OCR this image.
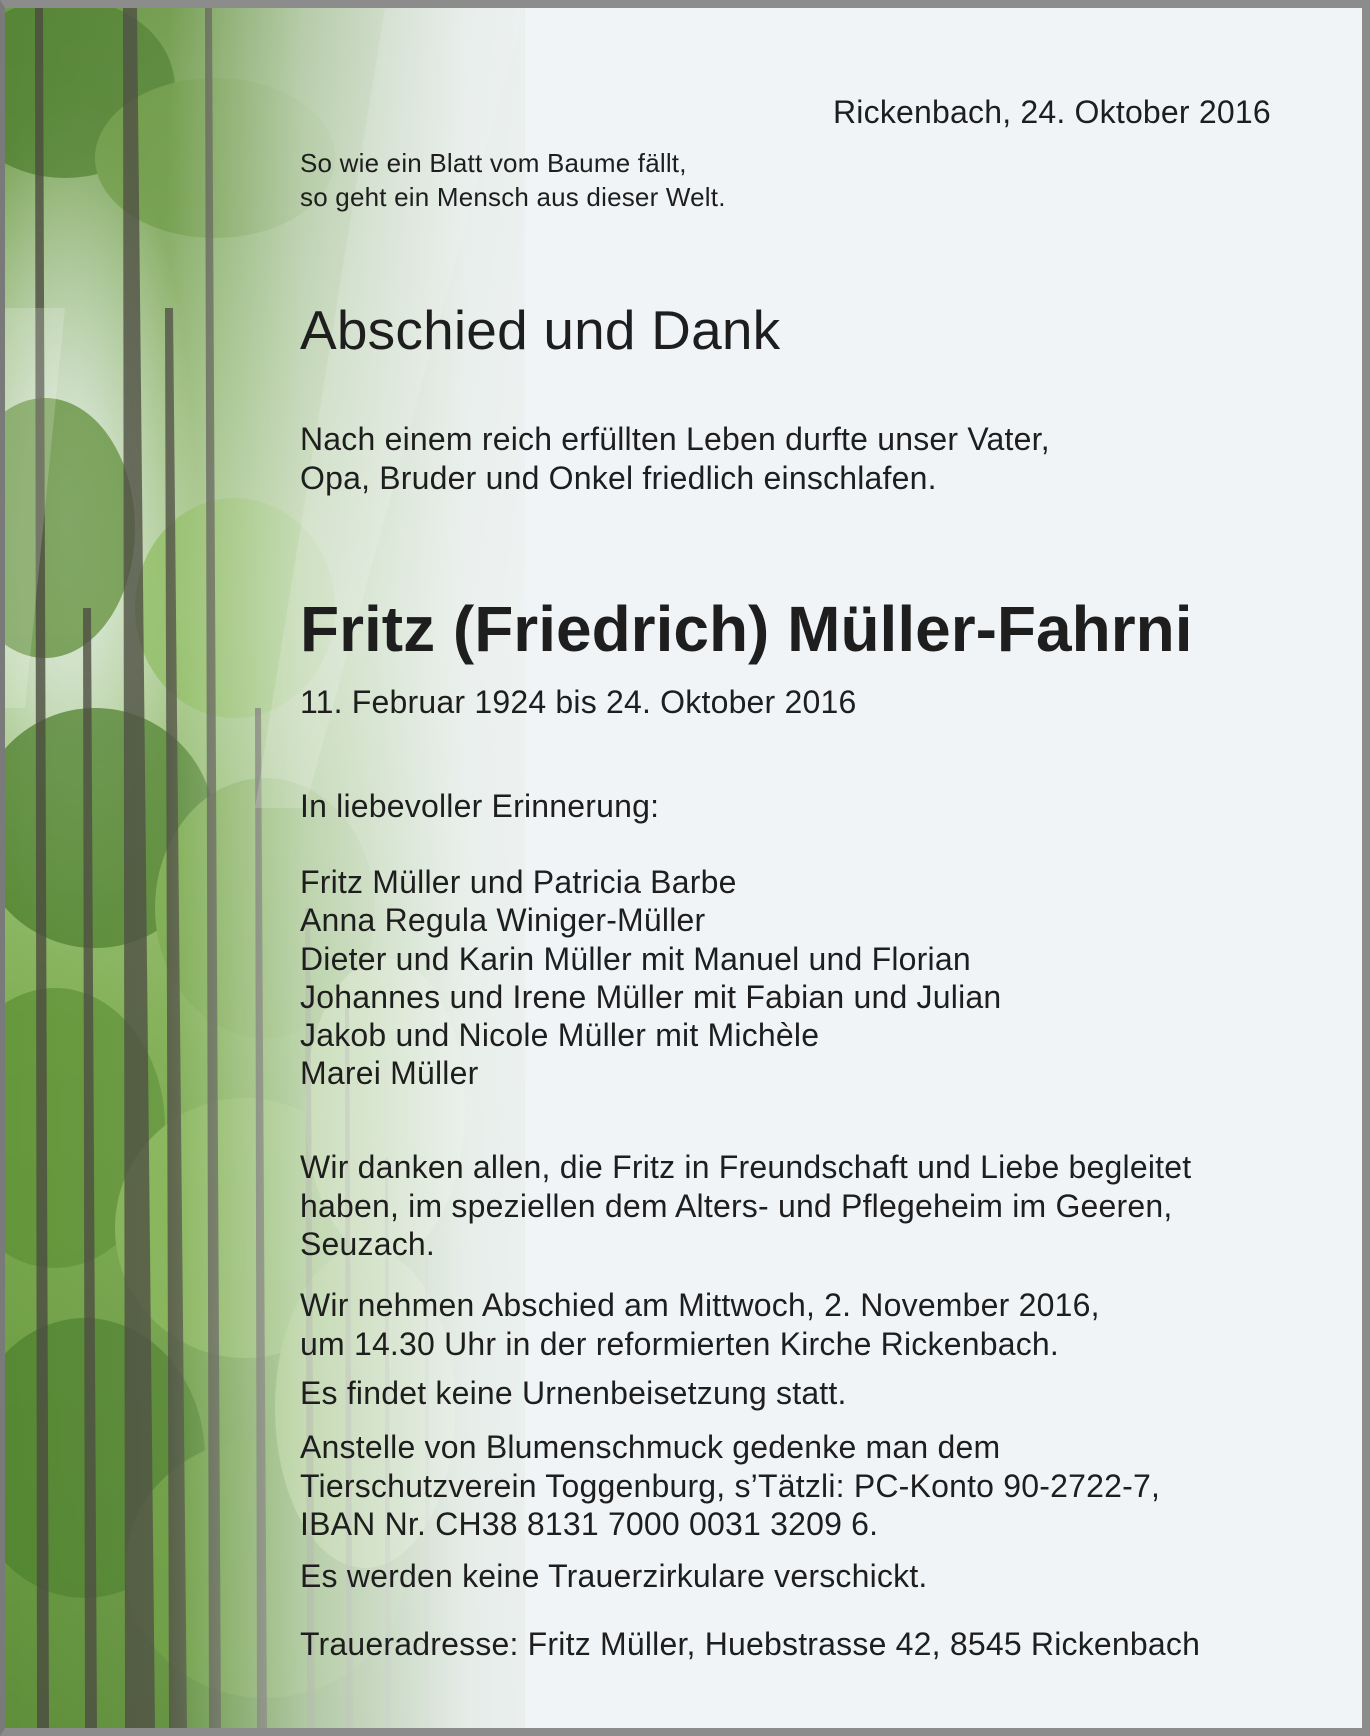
Rickenbach, 24. Oktober 2016

So wie ein Blatt vom Baume fällt,
so geht ein Mensch aus dieser Welt.
Abschied und Dank
Nach einem reich erfüllten Leben durfte unser Vater,
Opa, Bruder und Onkel friedlich einschlafen.
Fritz (Friedrich) Müller-Fahrni

11. Februar 1924 bis 24. Oktober 2016

In liebevoller Erinnerung:

Fritz Müller und Patricia Barbe
Anna Regula Winiger-Müller
Dieter und Karin Müller mit Manuel und Florian
Johannes und Irene Müller mit Fabian und Julian
Jakob und Nicole Müller mit Michèle
Marei Müller
Wir danken allen, die Fritz in Freundschaft und Liebe begleitet
haben, im speziellen dem Alters- und Pflegeheim im Geeren,
Seuzach.
Wir nehmen Abschied am Mittwoch, 2. November 2016,
um 14.30 Uhr in der reformierten Kirche Rickenbach.

Es findet keine Urnenbeisetzung statt.

Anstelle von Blumenschmuck gedenke man dem
Tierschutzverein Toggenburg, s’Tätzli: PC-Konto 90-2722-7,
IBAN Nr. CH38 8131 7000 0031 3209 6.

Es werden keine Trauerzirkulare verschickt.

Traueradresse: Fritz Müller, Huebstrasse 42, 8545 Rickenbach
